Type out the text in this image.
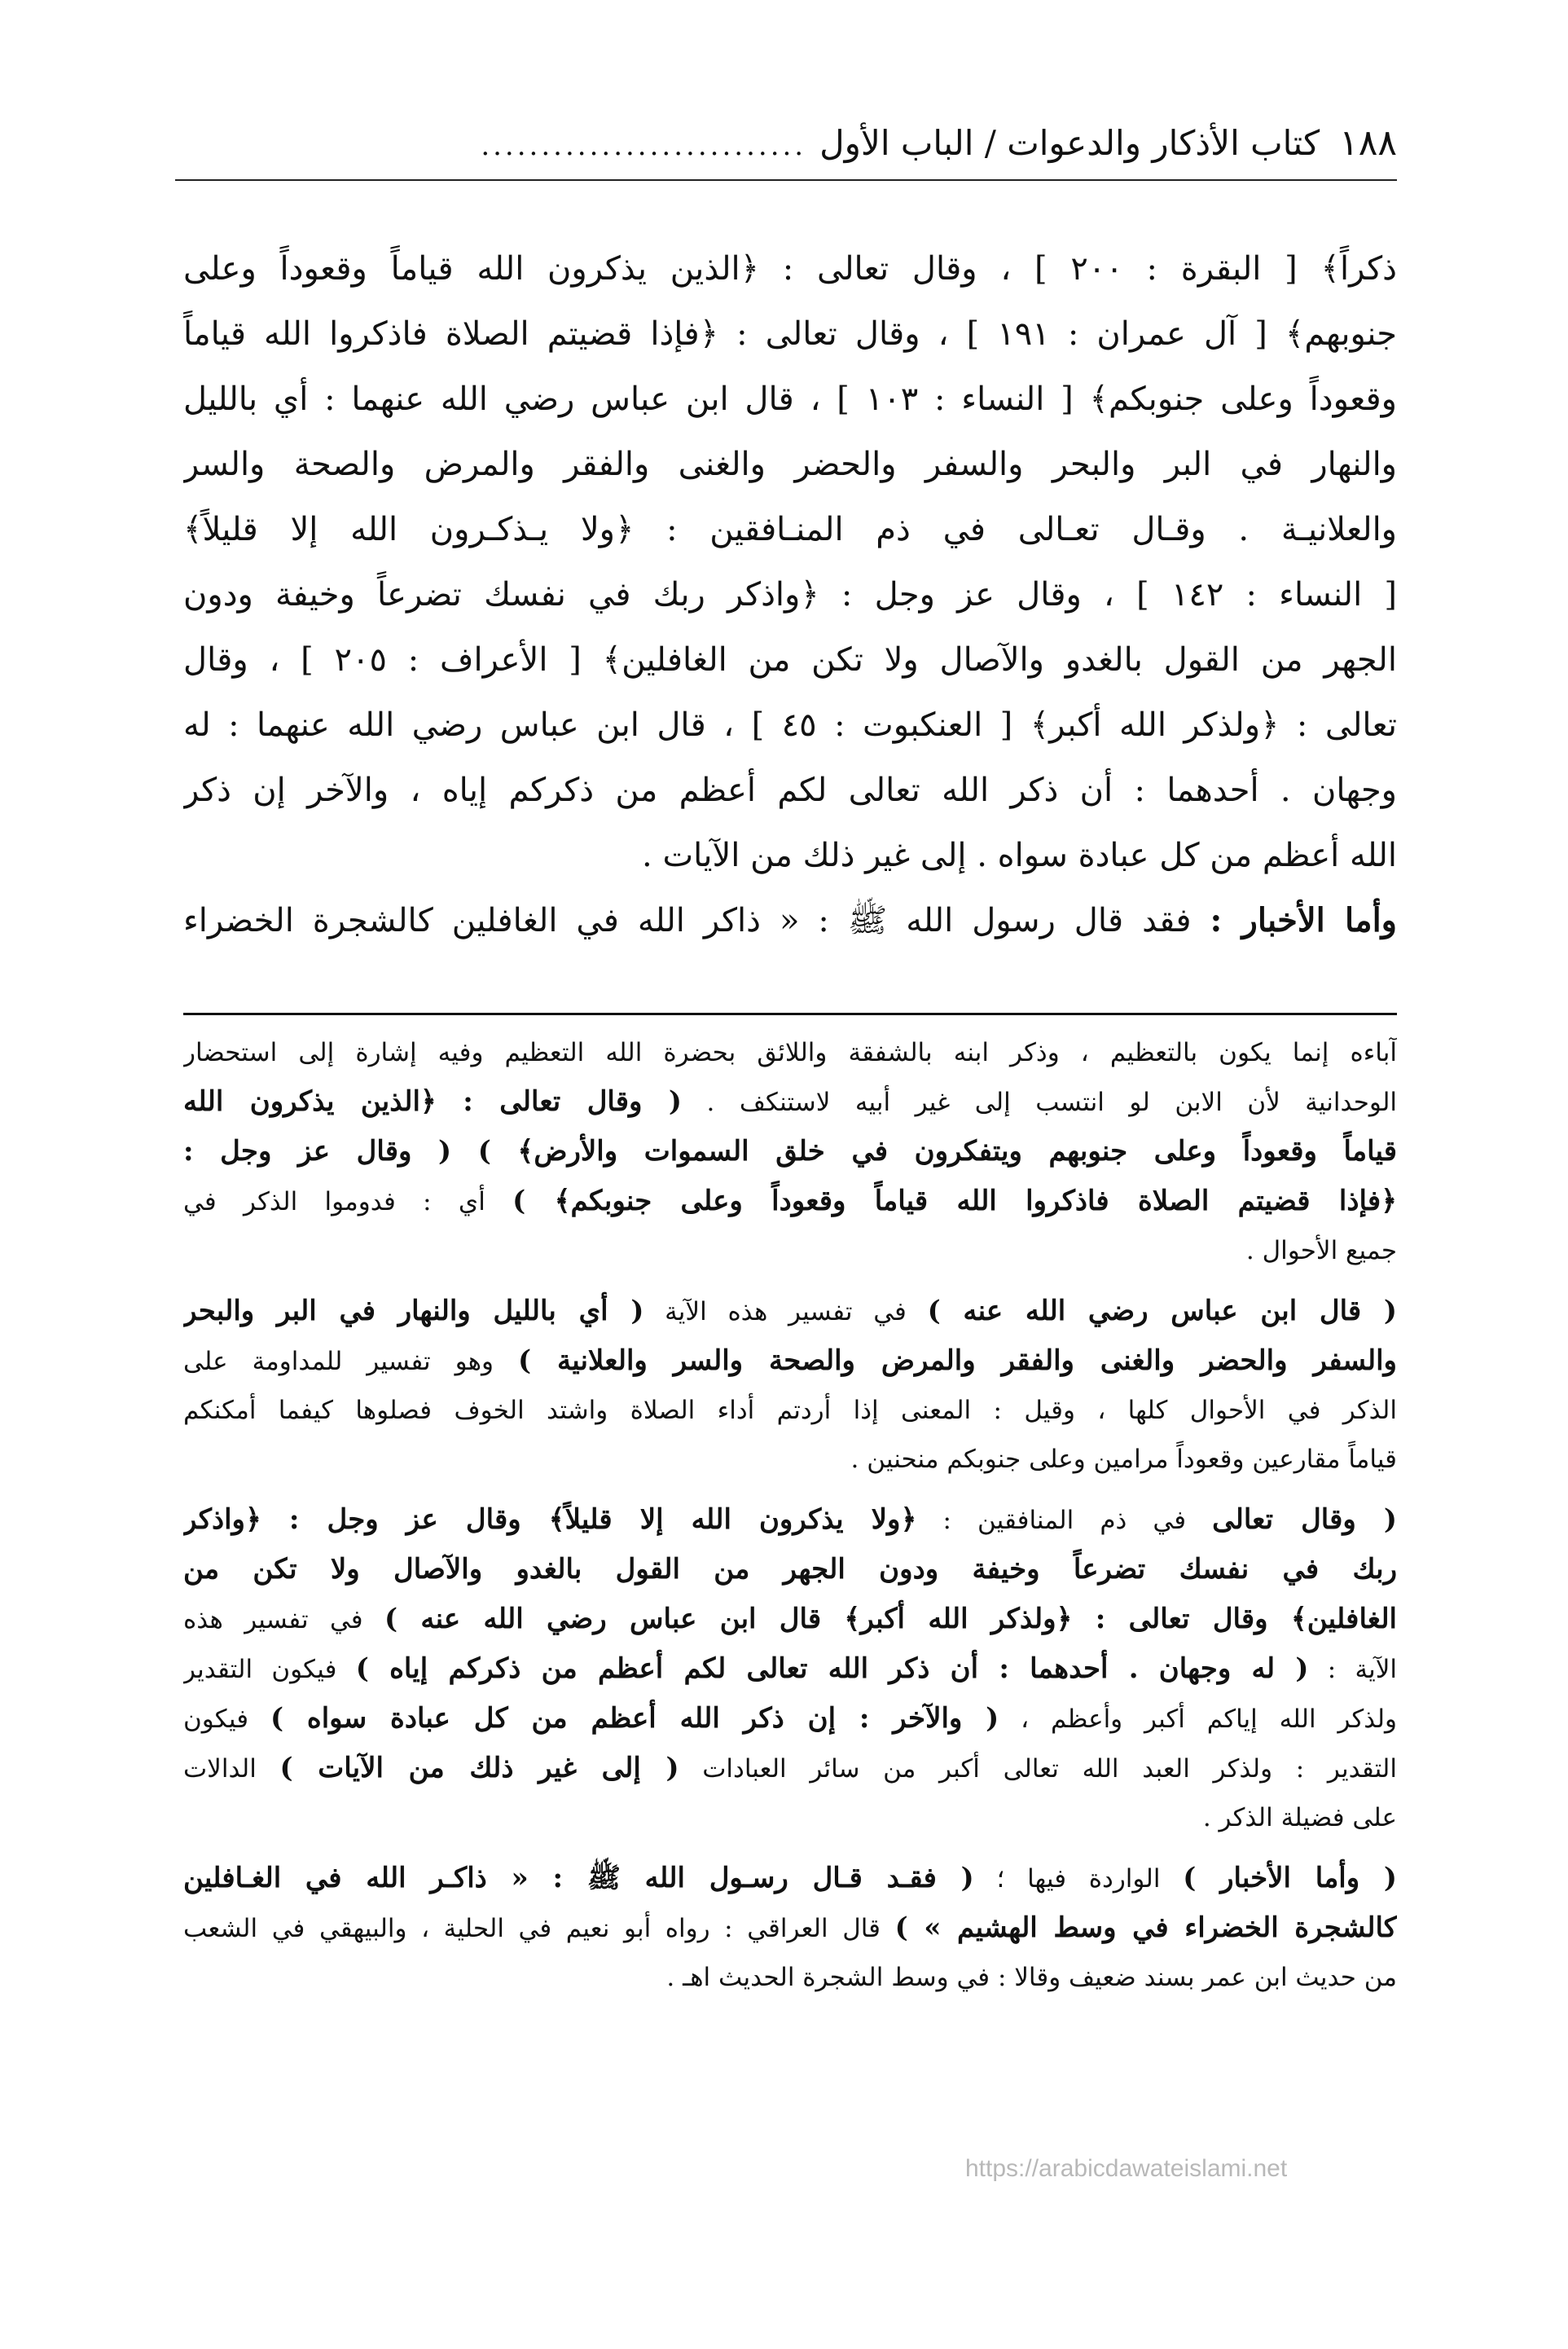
١٨٨
كتاب الأذكار والدعوات / الباب الأول
...........................
ذكراً﴾ [ البقرة : ٢٠٠ ] ، وقال تعالى : ﴿الذين يذكرون الله قياماً وقعوداً وعلى
جنوبهم﴾ [ آل عمران : ١٩١ ] ، وقال تعالى : ﴿فإذا قضيتم الصلاة فاذكروا الله قياماً
وقعوداً وعلى جنوبكم﴾ [ النساء : ١٠٣ ] ، قال ابن عباس رضي الله عنهما : أي بالليل
والنهار في البر والبحر والسفر والحضر والغنى والفقر والمرض والصحة والسر
والعلانيـة . وقـال تعـالى في ذم المنـافقين : ﴿ولا يـذكـرون الله إلا قليلاً﴾
[ النساء : ١٤٢ ] ، وقال عز وجل : ﴿واذكر ربك في نفسك تضرعاً وخيفة ودون
الجهر من القول بالغدو والآصال ولا تكن من الغافلين﴾ [ الأعراف : ٢٠٥ ] ، وقال
تعالى : ﴿ولذكر الله أكبر﴾ [ العنكبوت : ٤٥ ] ، قال ابن عباس رضي الله عنهما : له
وجهان . أحدهما : أن ذكر الله تعالى لكم أعظم من ذكركم إياه ، والآخر إن ذكر
الله أعظم من كل عبادة سواه . إلى غير ذلك من الآيات .
وأما الأخبار : فقد قال رسول الله ﷺ : « ذاكر الله في الغافلين كالشجرة الخضراء
آباءه إنما يكون بالتعظيم ، وذكر ابنه بالشفقة واللائق بحضرة الله التعظيم وفيه إشارة إلى استحضار
الوحدانية لأن الابن لو انتسب إلى غير أبيه لاستنكف . ( وقال تعالى : ﴿الذين يذكرون الله
قياماً وقعوداً وعلى جنوبهم ويتفكرون في خلق السموات والأرض﴾ ) ( وقال عز وجل :
﴿فإذا قضيتم الصلاة فاذكروا الله قياماً وقعوداً وعلى جنوبكم﴾ ) أي : فدوموا الذكر في
جميع الأحوال .
( قال ابن عباس رضي الله عنه ) في تفسير هذه الآية ( أي بالليل والنهار في البر والبحر
والسفر والحضر والغنى والفقر والمرض والصحة والسر والعلانية ) وهو تفسير للمداومة على
الذكر في الأحوال كلها ، وقيل : المعنى إذا أردتم أداء الصلاة واشتد الخوف فصلوها كيفما أمكنكم
قياماً مقارعين وقعوداً مرامين وعلى جنوبكم منحنين .
( وقال تعالى في ذم المنافقين : ﴿ولا يذكرون الله إلا قليلاً﴾ وقال عز وجل : ﴿واذكر
ربك في نفسك تضرعاً وخيفة ودون الجهر من القول بالغدو والآصال ولا تكن من
الغافلين﴾ وقال تعالى : ﴿ولذكر الله أكبر﴾ قال ابن عباس رضي الله عنه ) في تفسير هذه
الآية : ( له وجهان . أحدهما : أن ذكر الله تعالى لكم أعظم من ذكركم إياه ) فيكون التقدير
ولذكر الله إياكم أكبر وأعظم ، ( والآخر : إن ذكر الله أعظم من كل عبادة سواه ) فيكون
التقدير : ولذكر العبد الله تعالى أكبر من سائر العبادات ( إلى غير ذلك من الآيات ) الدالات
على فضيلة الذكر .
( وأما الأخبار ) الواردة فيها ؛ ( فقـد قـال رسـول الله ﷺ : « ذاكـر الله في الغـافلين
كالشجرة الخضراء في وسط الهشيم » ) قال العراقي : رواه أبو نعيم في الحلية ، والبيهقي في الشعب
من حديث ابن عمر بسند ضعيف وقالا : في وسط الشجرة الحديث اهـ .
https://arabicdawateislami.net
